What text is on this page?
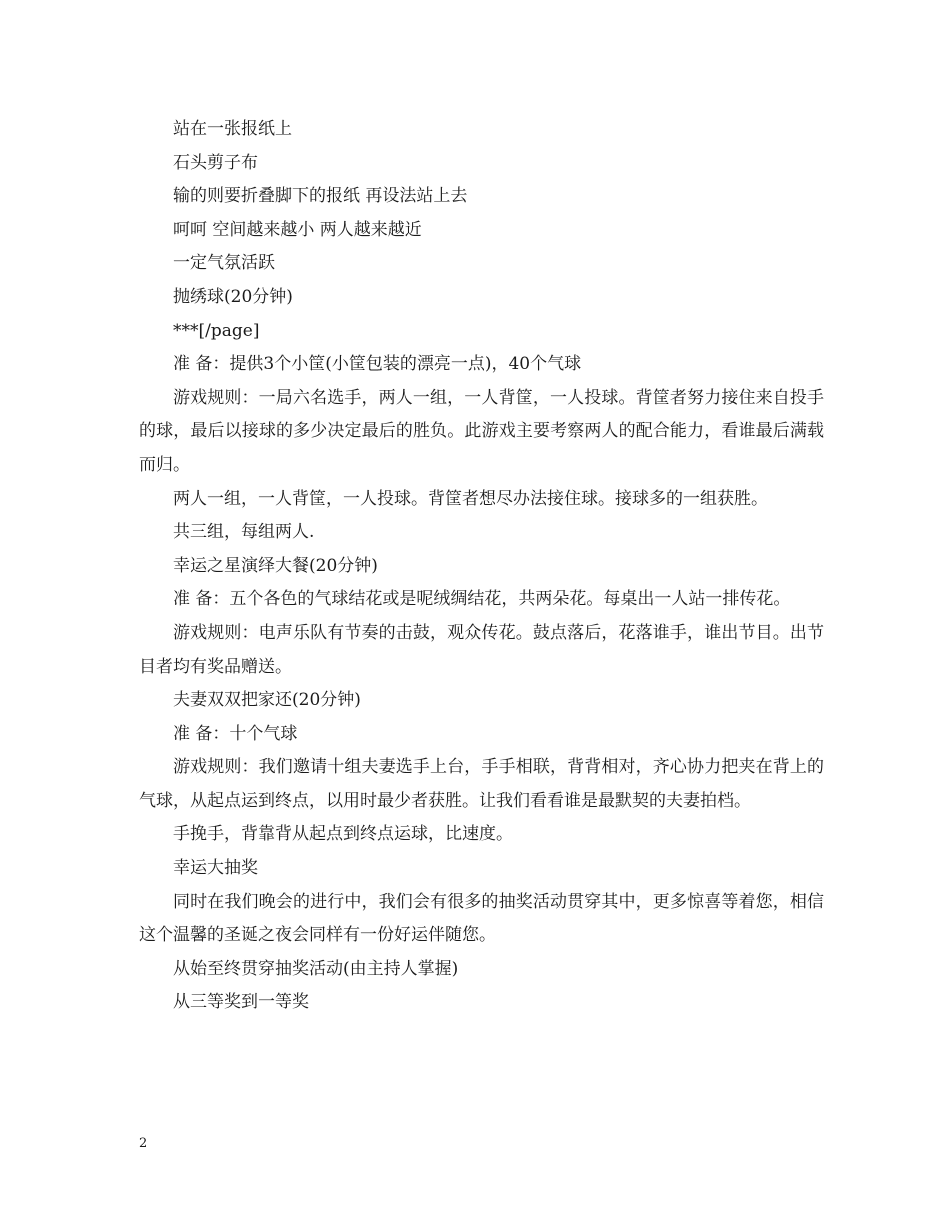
站在一张报纸上

石头剪子布

输的则要折叠脚下的报纸 再设法站上去

呵呵 空间越来越小 两人越来越近

一定气氛活跃

抛绣球(20分钟)

***[/page]

准 备：提供3个小筐(小筐包装的漂亮一点)，40个气球

游戏规则：一局六名选手，两人一组，一人背筐，一人投球。背筐者努力接住来自投手的球，最后以接球的多少决定最后的胜负。此游戏主要考察两人的配合能力，看谁最后满载而归。

两人一组，一人背筐，一人投球。背筐者想尽办法接住球。接球多的一组获胜。

共三组，每组两人.

幸运之星演绎大餐(20分钟)

准 备：五个各色的气球结花或是呢绒绸结花，共两朵花。每桌出一人站一排传花。

游戏规则：电声乐队有节奏的击鼓，观众传花。鼓点落后，花落谁手，谁出节目。出节目者均有奖品赠送。

夫妻双双把家还(20分钟)

准 备：十个气球

游戏规则：我们邀请十组夫妻选手上台，手手相联，背背相对，齐心协力把夹在背上的气球，从起点运到终点，以用时最少者获胜。让我们看看谁是最默契的夫妻拍档。

手挽手，背靠背从起点到终点运球，比速度。

幸运大抽奖

同时在我们晚会的进行中，我们会有很多的抽奖活动贯穿其中，更多惊喜等着您，相信这个温馨的圣诞之夜会同样有一份好运伴随您。

从始至终贯穿抽奖活动(由主持人掌握)

从三等奖到一等奖

2
